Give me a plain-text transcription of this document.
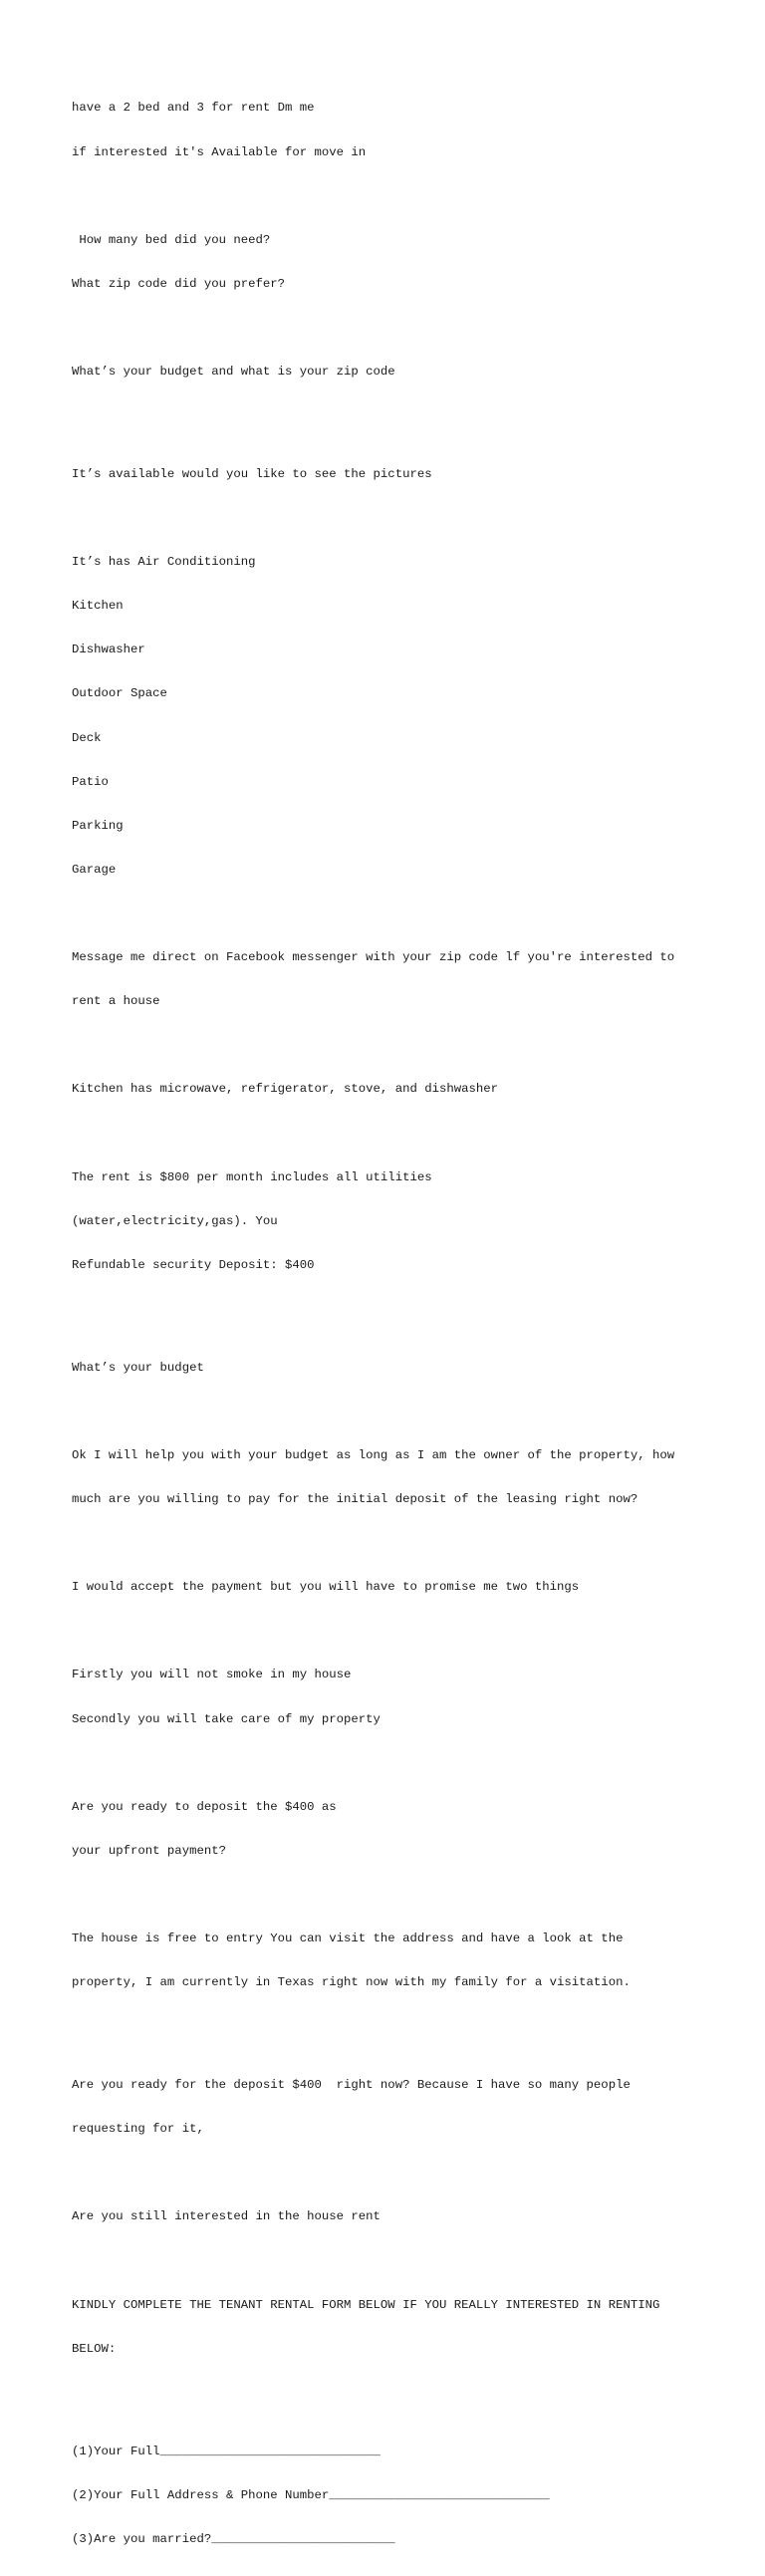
have a 2 bed and 3 for rent Dm me

if interested it's Available for move in

How many bed did you need?

What zip code did you prefer?

What’s your budget and what is your zip code

It’s available would you like to see the pictures

It’s has Air Conditioning

Kitchen

Dishwasher

Outdoor Space

Deck

Patio

Parking

Garage

Message me direct on Facebook messenger with your zip code lf you're interested to

rent a house

Kitchen has microwave, refrigerator, stove, and dishwasher

The rent is $800 per month includes all utilities

(water,electricity,gas). You

Refundable security Deposit: $400

What’s your budget

Ok I will help you with your budget as long as I am the owner of the property, how

much are you willing to pay for the initial deposit of the leasing right now?

I would accept the payment but you will have to promise me two things

Firstly you will not smoke in my house

Secondly you will take care of my property

Are you ready to deposit the $400 as

your upfront payment?

The house is free to entry You can visit the address and have a look at the

property, I am currently in Texas right now with my family for a visitation.

Are you ready for the deposit $400  right now? Because I have so many people

requesting for it,

Are you still interested in the house rent

KINDLY COMPLETE THE TENANT RENTAL FORM BELOW IF YOU REALLY INTERESTED IN RENTING

BELOW:

(1)Your Full______________________________

(2)Your Full Address & Phone Number______________________________

(3)Are you married?_________________________
